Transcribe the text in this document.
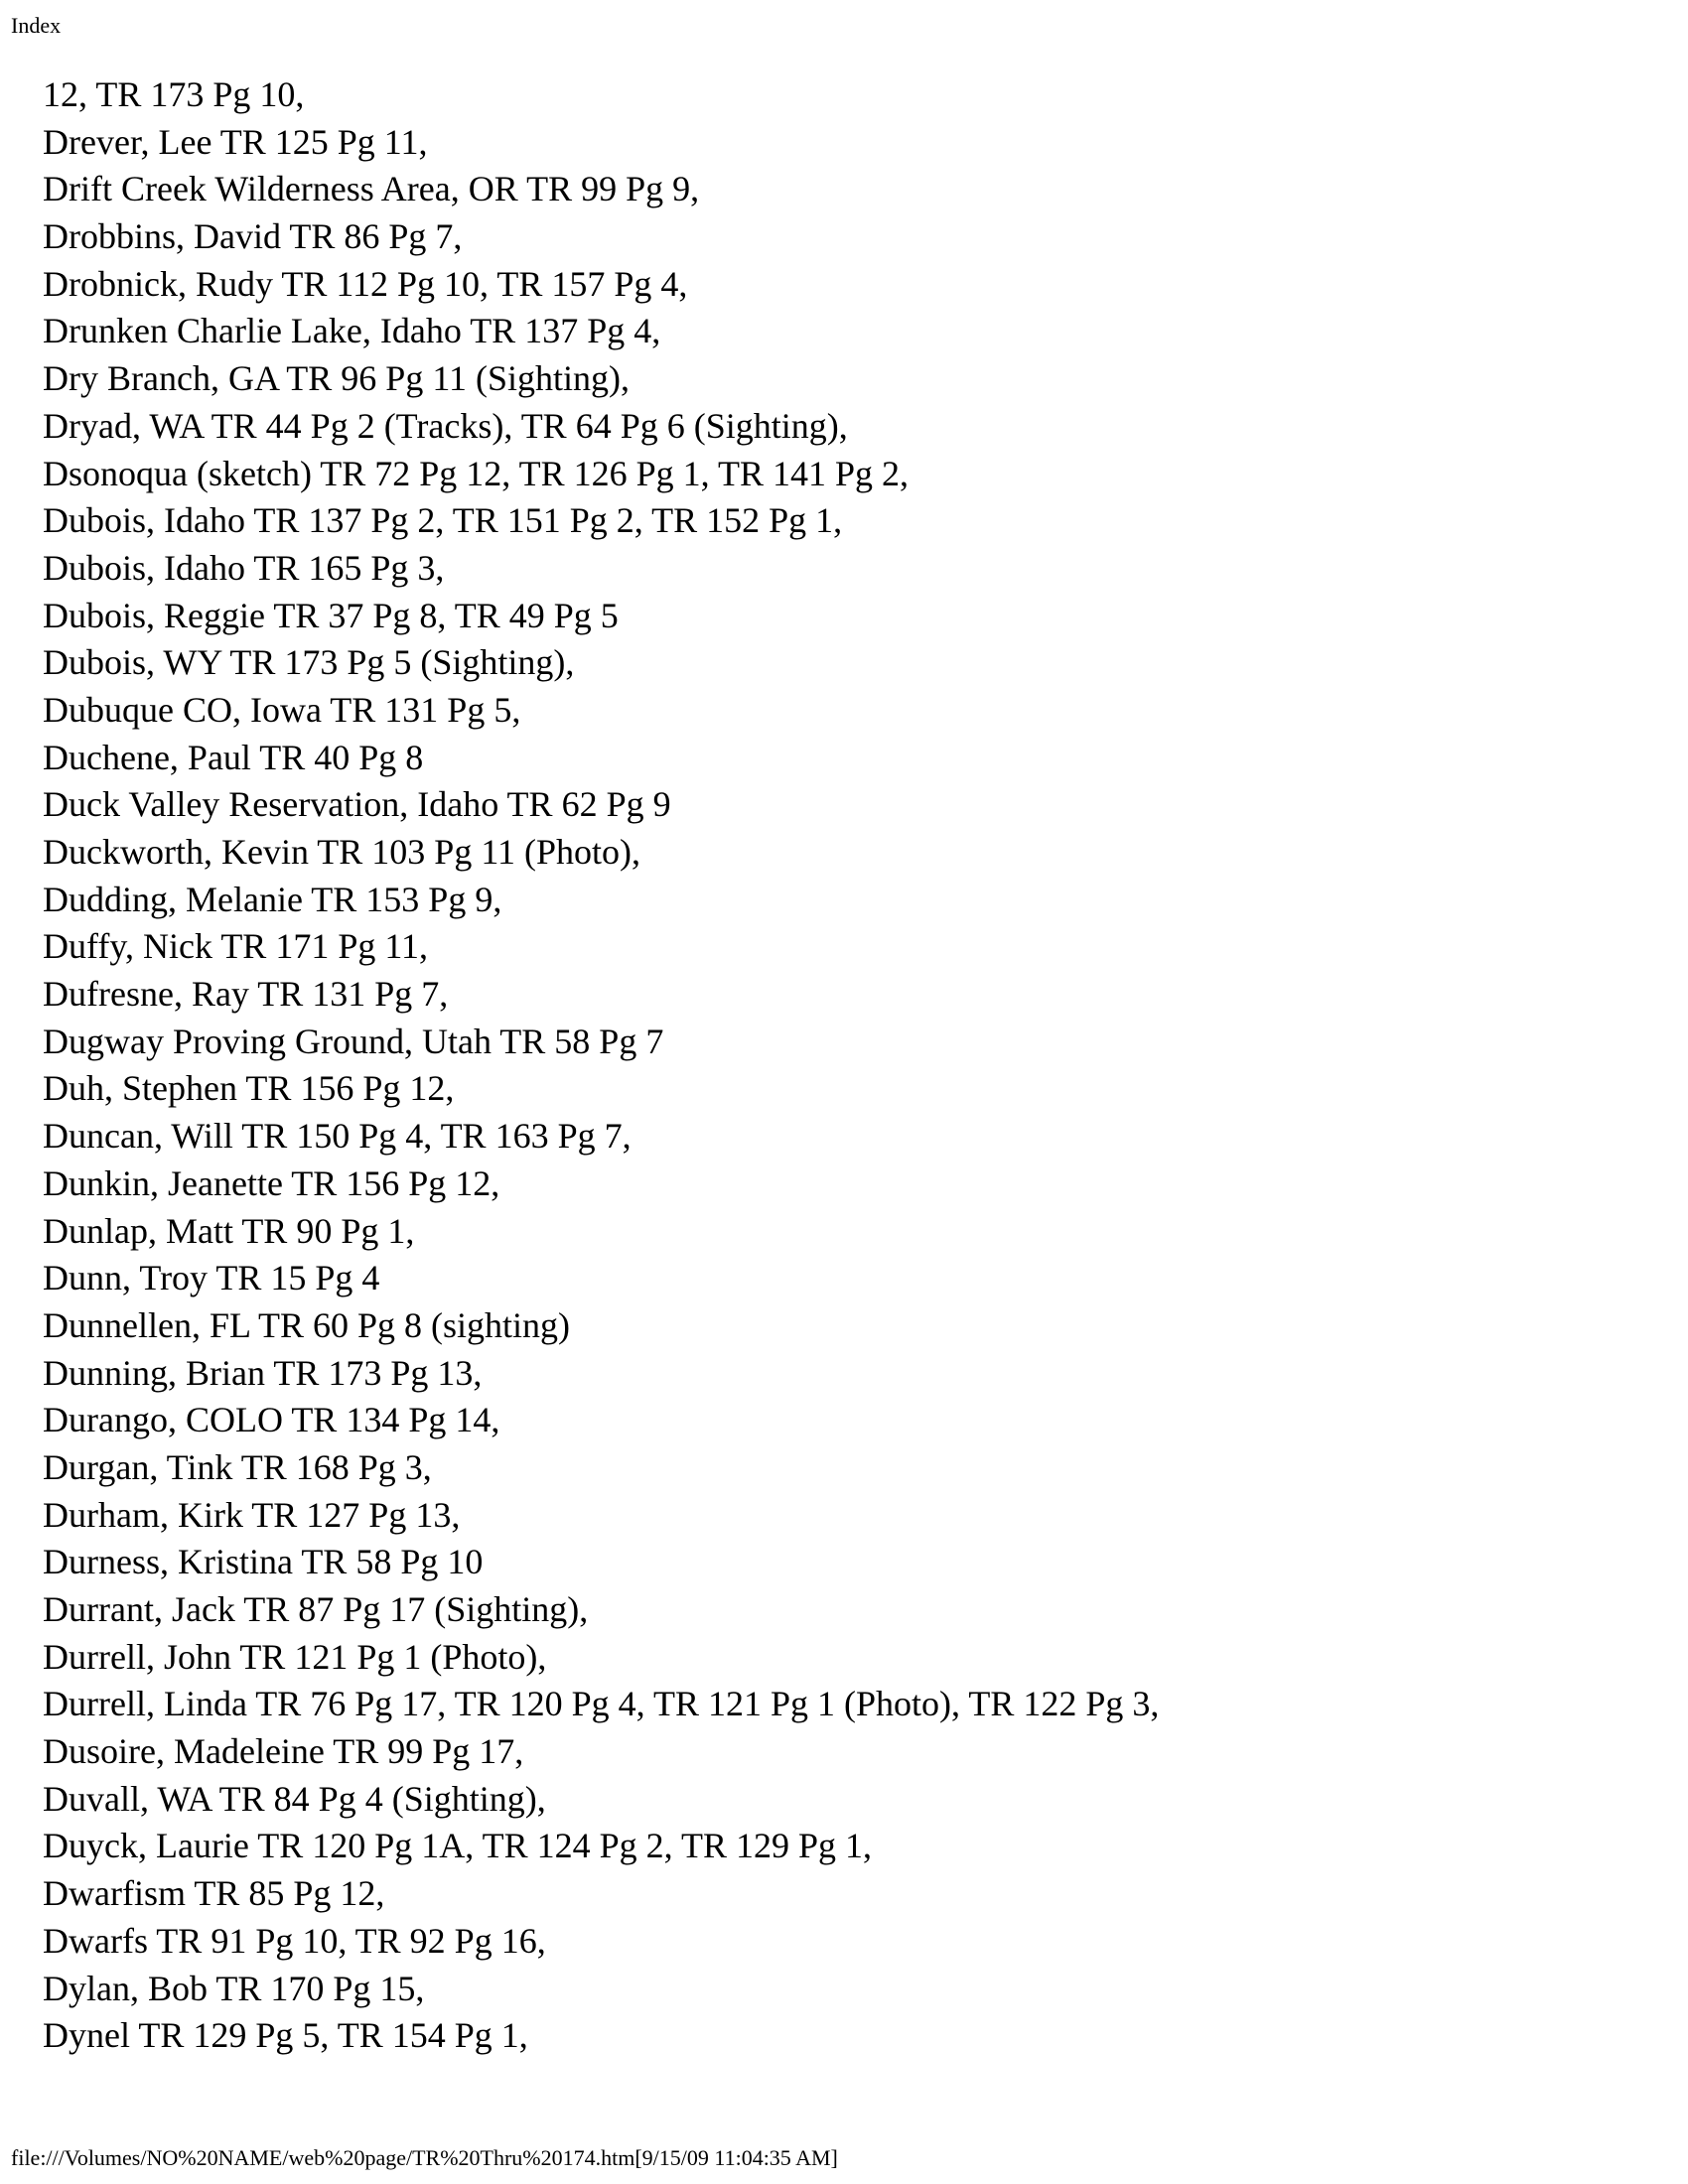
Index
12, TR 173 Pg 10,
Drever, Lee TR 125 Pg 11,
Drift Creek Wilderness Area, OR TR 99 Pg 9,
Drobbins, David TR 86 Pg 7,
Drobnick, Rudy TR 112 Pg 10, TR 157 Pg 4,
Drunken Charlie Lake, Idaho TR 137 Pg 4,
Dry Branch, GA TR 96 Pg 11 (Sighting),
Dryad, WA TR 44 Pg 2 (Tracks), TR 64 Pg 6 (Sighting),
Dsonoqua (sketch) TR 72 Pg 12, TR 126 Pg 1, TR 141 Pg 2,
Dubois, Idaho TR 137 Pg 2, TR 151 Pg 2, TR 152 Pg 1,
Dubois, Idaho TR 165 Pg 3,
Dubois, Reggie TR 37 Pg 8, TR 49 Pg 5
Dubois, WY TR 173 Pg 5 (Sighting),
Dubuque CO, Iowa TR 131 Pg 5,
Duchene, Paul TR 40 Pg 8
Duck Valley Reservation, Idaho TR 62 Pg 9
Duckworth, Kevin TR 103 Pg 11 (Photo),
Dudding, Melanie TR 153 Pg 9,
Duffy, Nick TR 171 Pg 11,
Dufresne, Ray TR 131 Pg 7,
Dugway Proving Ground, Utah TR 58 Pg 7
Duh, Stephen TR 156 Pg 12,
Duncan, Will TR 150 Pg 4, TR 163 Pg 7,
Dunkin, Jeanette TR 156 Pg 12,
Dunlap, Matt TR 90 Pg 1,
Dunn, Troy TR 15 Pg 4
Dunnellen, FL TR 60 Pg 8 (sighting)
Dunning, Brian TR 173 Pg 13,
Durango, COLO TR 134 Pg 14,
Durgan, Tink TR 168 Pg 3,
Durham, Kirk TR 127 Pg 13,
Durness, Kristina TR 58 Pg 10
Durrant, Jack TR 87 Pg 17 (Sighting),
Durrell, John TR 121 Pg 1 (Photo),
Durrell, Linda TR 76 Pg 17, TR 120 Pg 4, TR 121 Pg 1 (Photo), TR 122 Pg 3,
Dusoire, Madeleine TR 99 Pg 17,
Duvall, WA TR 84 Pg 4 (Sighting),
Duyck, Laurie TR 120 Pg 1A, TR 124 Pg 2, TR 129 Pg 1,
Dwarfism TR 85 Pg 12,
Dwarfs TR 91 Pg 10, TR 92 Pg 16,
Dylan, Bob TR 170 Pg 15,
Dynel TR 129 Pg 5, TR 154 Pg 1,
file:///Volumes/NO%20NAME/web%20page/TR%20Thru%20174.htm[9/15/09 11:04:35 AM]
